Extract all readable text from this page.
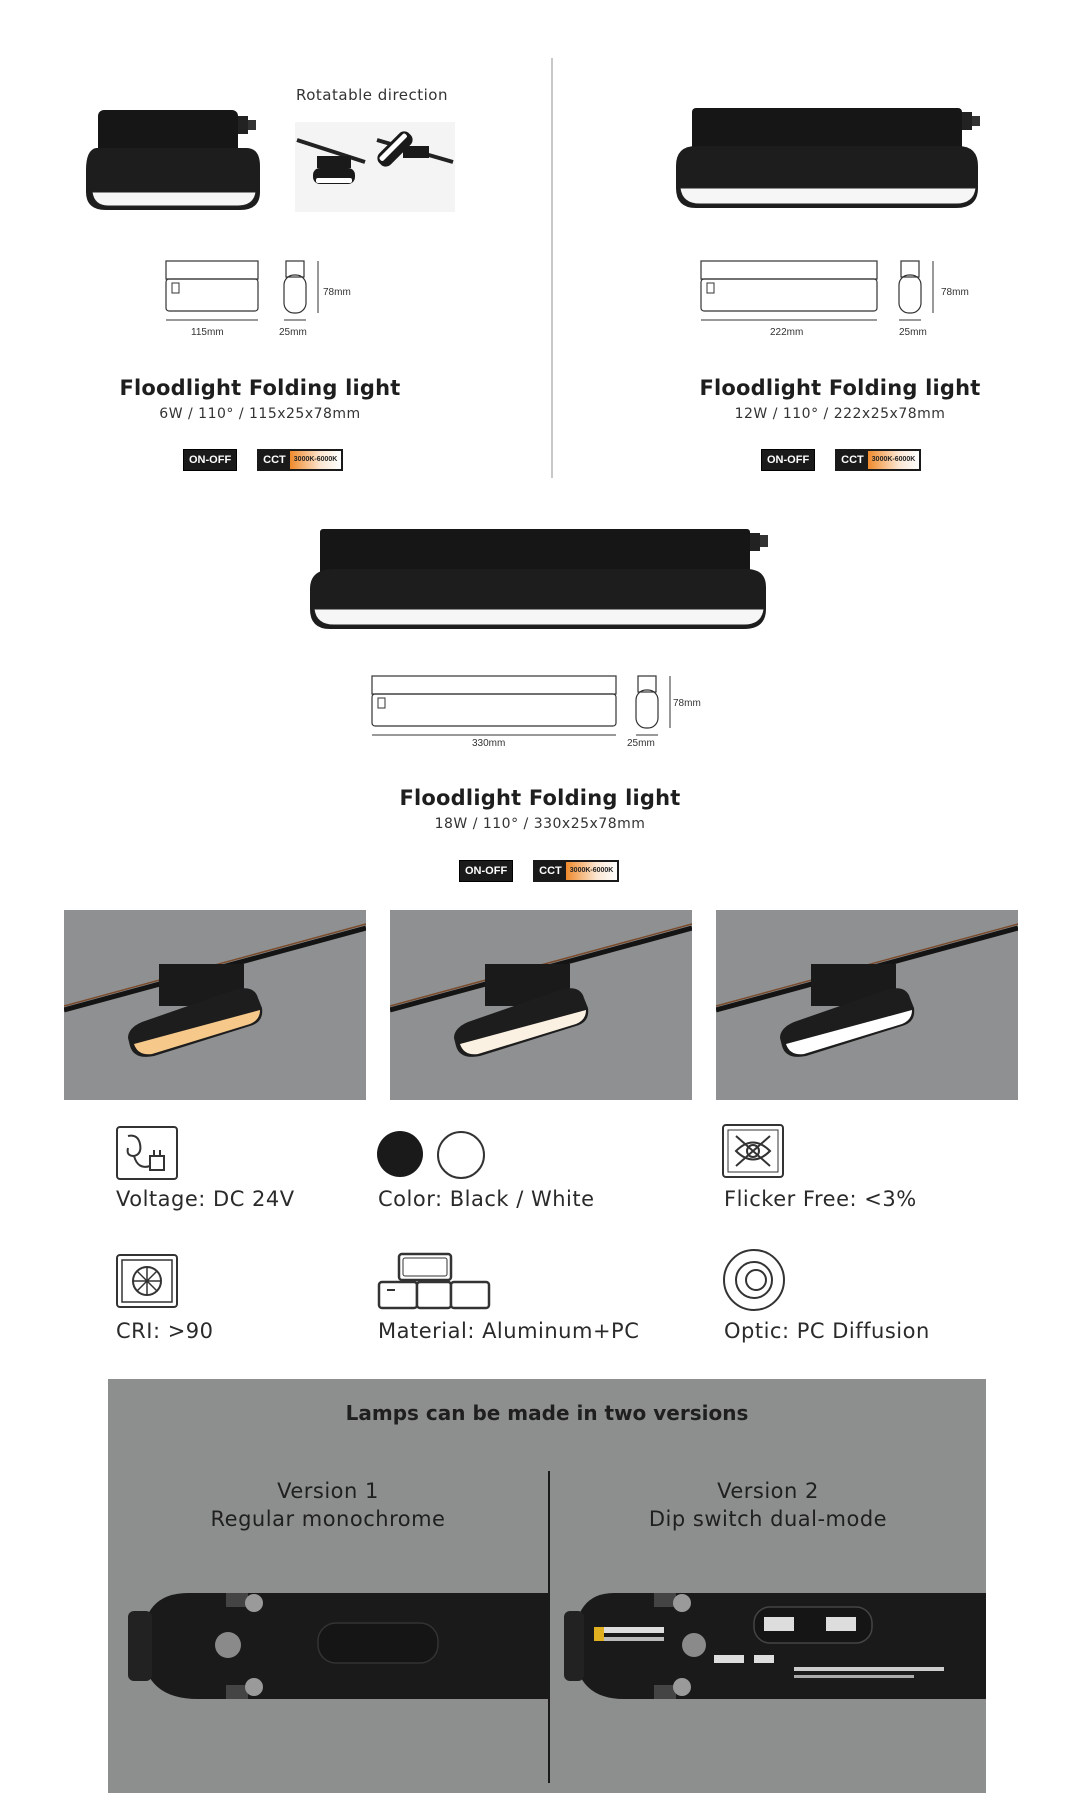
Rotatable direction
115mm	25mm
78mm
Floodlight Folding light
6W / 110° / 115x25x78mm
ON-OFF	CCT	3000K-6000K
222mm	25mm
78mm
Floodlight Folding light
12W / 110° / 222x25x78mm
ON-OFF	CCT	3000K-6000K
330mm	25mm
78mm
Floodlight Folding light
18W / 110° / 330x25x78mm
ON-OFF	CCT	3000K-6000K
Voltage: DC 24V	Color: Black / White	Flicker Free: <3%
CRI: >90	Material: Aluminum+PC	Optic: PC Diffusion
Lamps can be made in two versions
Version 1
Regular monochrome
Version 2
Dip switch dual-mode
